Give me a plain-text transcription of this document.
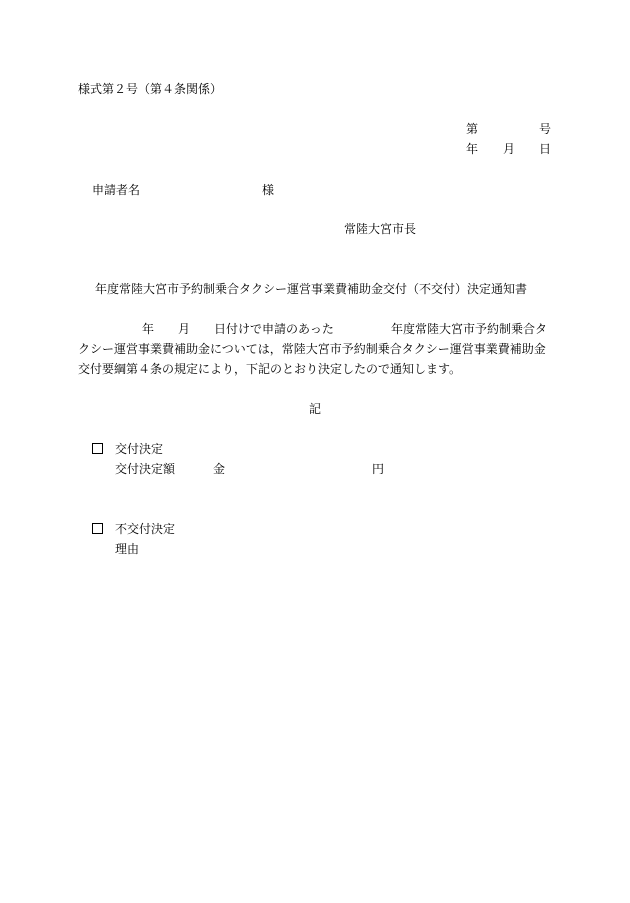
様式第２号（第４条関係）
第	号
年 月 日
申請者名	様
常陸大宮市長
年度常陸大宮市予約制乗合タクシー運営事業費補助金交付（不交付）決定通知書
年 月 日付けで申請のあった	年度常陸大宮市予約制乗合タ
クシー運営事業費補助金については，常陸大宮市予約制乗合タクシー運営事業費補助金
交付要綱第４条の規定により，下記のとおり決定したので通知します。
記
交付決定
交付決定額	金	円
不交付決定
理由
